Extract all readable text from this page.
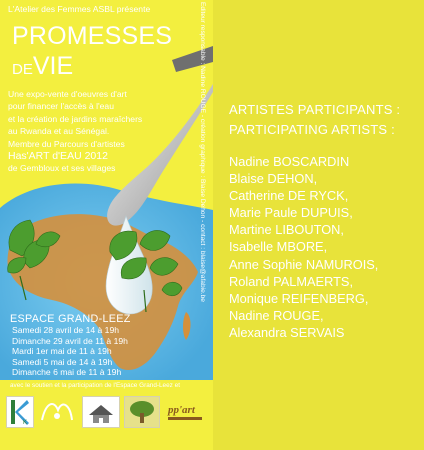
L'Atelier des Femmes ASBL présente
PROMESSES
DEVIE
Une expo-vente d'oeuvres d'art
pour financer l'accès à l'eau
et la création de jardins maraîchers
au Rwanda et au Sénégal.
Membre du Parcours d'artistes
Has'ART d'EAU 2012
de Gembloux et ses villages	Editeur responsable : Nadine ROUGE - création graphique : Blaise Dehon - contact : blaise@afabie.be
ESPACE GRAND-LEEZ
Samedi 28 avril de 14 à 19h
Dimanche 29 avril de 11 à 19h
Mardi 1er mai de 11 à 19h
Samedi 5 mai de 14 à 19h
Dimanche 6 mai de 11 à 19h
avec le soutien et la participation de l'Espace Grand-Leez et
K
pp'art
ARTISTES PARTICIPANTS :
PARTICIPATING ARTISTS :
Nadine BOSCARDIN
Blaise DEHON,
Catherine DE RYCK,
Marie Paule DUPUIS,
Martine LIBOUTON,
Isabelle MBORE,
Anne Sophie NAMUROIS,
Roland PALMAERTS,
Monique REIFENBERG,
Nadine ROUGE,
Alexandra SERVAIS
